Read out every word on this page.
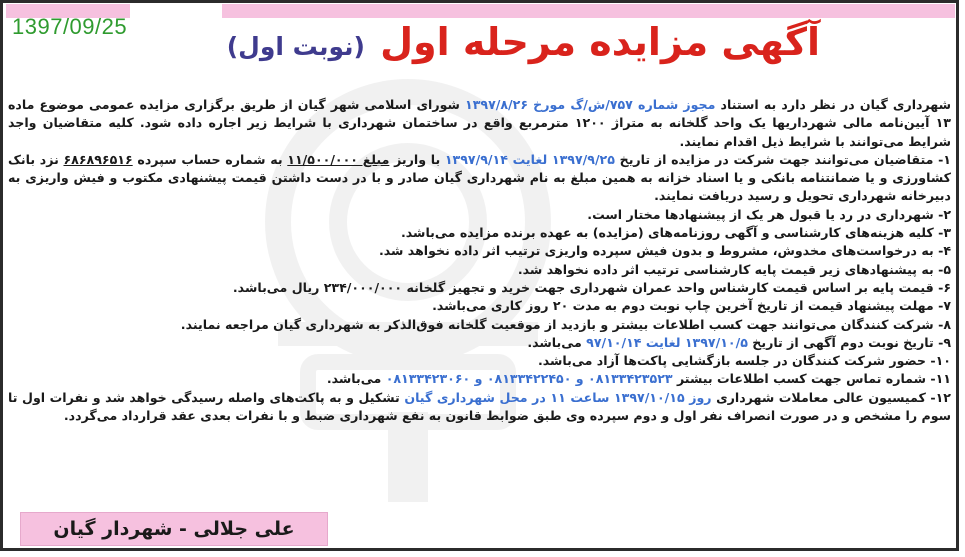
1397/09/25	آگهی مزایده مرحله اول (نوبت اول)

شهرداری گیان در نظر دارد به استناد مجوز شماره ۷۵۷/ش/گ مورخ ۱۳۹۷/۸/۲۶ شورای اسلامی شهر گیان از طریق برگزاری مزایده عمومی موضوع ماده ۱۳ آیین‌نامه مالی شهرداریها یک واحد گلخانه به متراژ ۱۲۰۰ مترمربع واقع در ساختمان شهرداری با شرایط زیر اجاره داده شود. کلیه متقاضیان واجد شرایط می‌توانند با شرایط ذیل اقدام نمایند.

۱- متقاضیان می‌توانند جهت شرکت در مزایده از تاریخ ۱۳۹۷/۹/۲۵ لغایت ۱۳۹۷/۹/۱۴ با واریز مبلغ ۱۱/۵۰۰/۰۰۰ به شماره حساب سپرده ۶۸۶۸۹۶۵۱۶ نزد بانک کشاورزی و یا ضمانتنامه بانکی و یا اسناد خزانه به همین مبلغ به نام شهرداری گیان صادر و با در دست داشتن قیمت پیشنهادی مکتوب و فیش واریزی به دبیرخانه شهرداری تحویل و رسید دریافت نمایند.

۲- شهرداری در رد یا قبول هر یک از پیشنهادها مختار است.

۳- کلیه هزینه‌های کارشناسی و آگهی روزنامه‌های (مزایده) به عهده برنده مزایده می‌باشد.

۴- به درخواست‌های مخدوش، مشروط و بدون فیش سپرده واریزی ترتیب اثر داده نخواهد شد.

۵- به پیشنهادهای زیر قیمت پایه کارشناسی ترتیب اثر داده نخواهد شد.

۶- قیمت پایه بر اساس قیمت کارشناس واحد عمران شهرداری جهت خرید و تجهیز گلخانه ۲۳۴/۰۰۰/۰۰۰ ریال می‌باشد.

۷- مهلت پیشنهاد قیمت از تاریخ آخرین چاپ نوبت دوم به مدت ۲۰ روز کاری می‌باشد.

۸- شرکت کنندگان می‌توانند جهت کسب اطلاعات بیشتر و بازدید از موقعیت گلخانه فوق‌الذکر به شهرداری گیان مراجعه نمایند.

۹- تاریخ نوبت دوم آگهی از تاریخ ۱۳۹۷/۱۰/۵ لغایت ۹۷/۱۰/۱۴ می‌باشد.

۱۰- حضور شرکت کنندگان در جلسه بازگشایی پاکت‌ها آزاد می‌باشد.

۱۱- شماره تماس جهت کسب اطلاعات بیشتر ۰۸۱۳۳۴۲۳۵۲۳ و ۰۸۱۳۳۴۲۲۴۵۰ و ۰۸۱۳۳۴۲۳۰۶۰ می‌باشد.

۱۲- کمیسیون عالی معاملات شهرداری روز ۱۳۹۷/۱۰/۱۵ ساعت ۱۱ در محل شهرداری گیان تشکیل و به پاکت‌های واصله رسیدگی خواهد شد و نفرات اول تا سوم را مشخص و در صورت انصراف نفر اول و دوم سپرده وی طبق ضوابط قانون به نفع شهرداری ضبط و با نفرات بعدی عقد قرارداد می‌گردد.

علی جلالی - شهردار گیان
